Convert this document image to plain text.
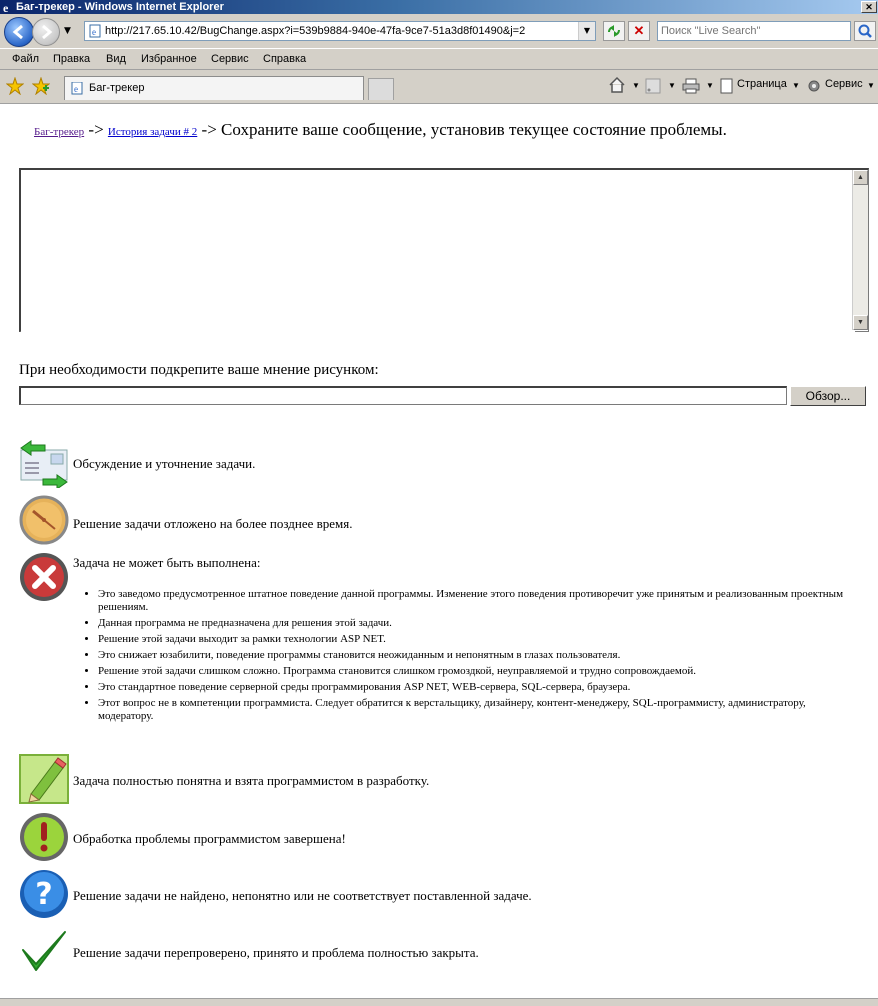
e Баг-трекер - Windows Internet Explorer	✕
▼ e
http://217.65.10.42/BugChange.aspx?i=539b9884-940e-47fa-9ce7-51a3d8f01490&j=2	▼	✕
Поиск "Live Search"
Файл Правка Вид Избранное Сервис Справка
e Баг-трекер	▼	▼	▼ Страница ▼ Сервис ▼
Баг-трекер -> История задачи # 2 -> Сохраните ваше сообщение, установив текущее состояние проблемы.
▲
▼
При необходимости подкрепите ваше мнение рисунком:
Обзор...
Обсуждение и уточнение задачи.
Решение задачи отложено на более позднее время.
Задача не может быть выполнена:
• Это заведомо предусмотренное штатное поведение данной программы. Изменение этого поведения противоречит уже принятым и реализованным проектным решениям.
• Данная программа не предназначена для решения этой задачи.
• Решение этой задачи выходит за рамки технологии ASP NET.
• Это снижает юзабилити, поведение программы становится неожиданным и непонятным в глазах пользователя.
• Решение этой задачи слишком сложно. Программа становится слишком громоздкой, неуправляемой и трудно сопровождаемой.
• Это стандартное поведение серверной среды программирования ASP NET, WEB-сервера, SQL-сервера, браузера.
• Этот вопрос не в компетенции программиста. Следует обратится к верстальщику, дизайнеру, контент-менеджеру, SQL-программисту, администратору, модератору.
Задача полностью понятна и взята программистом в разработку.
Обработка проблемы программистом завершена!
? Решение задачи не найдено, непонятно или не соответствует поставленной задаче.
Решение задачи перепроверено, принято и проблема полностью закрыта.
